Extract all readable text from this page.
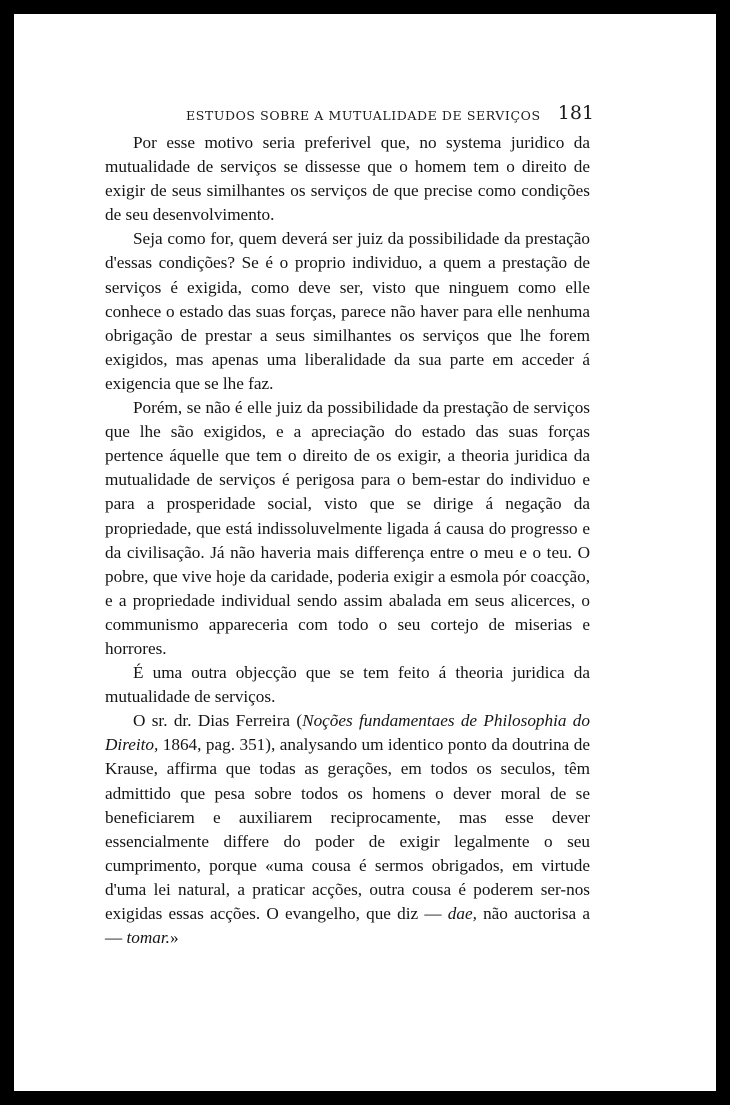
ESTUDOS SOBRE A MUTUALIDADE DE SERVIÇOS 181

Por esse motivo seria preferivel que, no systema juridico da mutualidade de serviços se dissesse que o homem tem o direito de exigir de seus similhantes os serviços de que precise como condições de seu desenvolvimento.

Seja como for, quem deverá ser juiz da possibilidade da prestação d'essas condições? Se é o proprio individuo, a quem a prestação de serviços é exigida, como deve ser, visto que ninguem como elle conhece o estado das suas forças, parece não haver para elle nenhuma obrigação de prestar a seus similhantes os serviços que lhe forem exigidos, mas apenas uma liberalidade da sua parte em acceder á exigencia que se lhe faz.

Porém, se não é elle juiz da possibilidade da prestação de serviços que lhe são exigidos, e a apreciação do estado das suas forças pertence áquelle que tem o direito de os exigir, a theoria juridica da mutualidade de serviços é perigosa para o bem-estar do individuo e para a prosperidade social, visto que se dirige á negação da propriedade, que está indissoluvelmente ligada á causa do progresso e da civilisação. Já não haveria mais differença entre o meu e o teu. O pobre, que vive hoje da caridade, poderia exigir a esmola pór coacção, e a propriedade individual sendo assim abalada em seus alicerces, o communismo appareceria com todo o seu cortejo de miserias e horrores.

É uma outra objecção que se tem feito á theoria juridica da mutualidade de serviços.

O sr. dr. Dias Ferreira (Noções fundamentaes de Philosophia do Direito, 1864, pag. 351), analysando um identico ponto da doutrina de Krause, affirma que todas as gerações, em todos os seculos, têm admittido que pesa sobre todos os homens o dever moral de se beneficiarem e auxiliarem reciprocamente, mas esse dever essencialmente differe do poder de exigir legalmente o seu cumprimento, porque «uma cousa é sermos obrigados, em virtude d'uma lei natural, a praticar acções, outra cousa é poderem ser-nos exigidas essas acções. O evangelho, que diz — dae, não auctorisa a — tomar.»
